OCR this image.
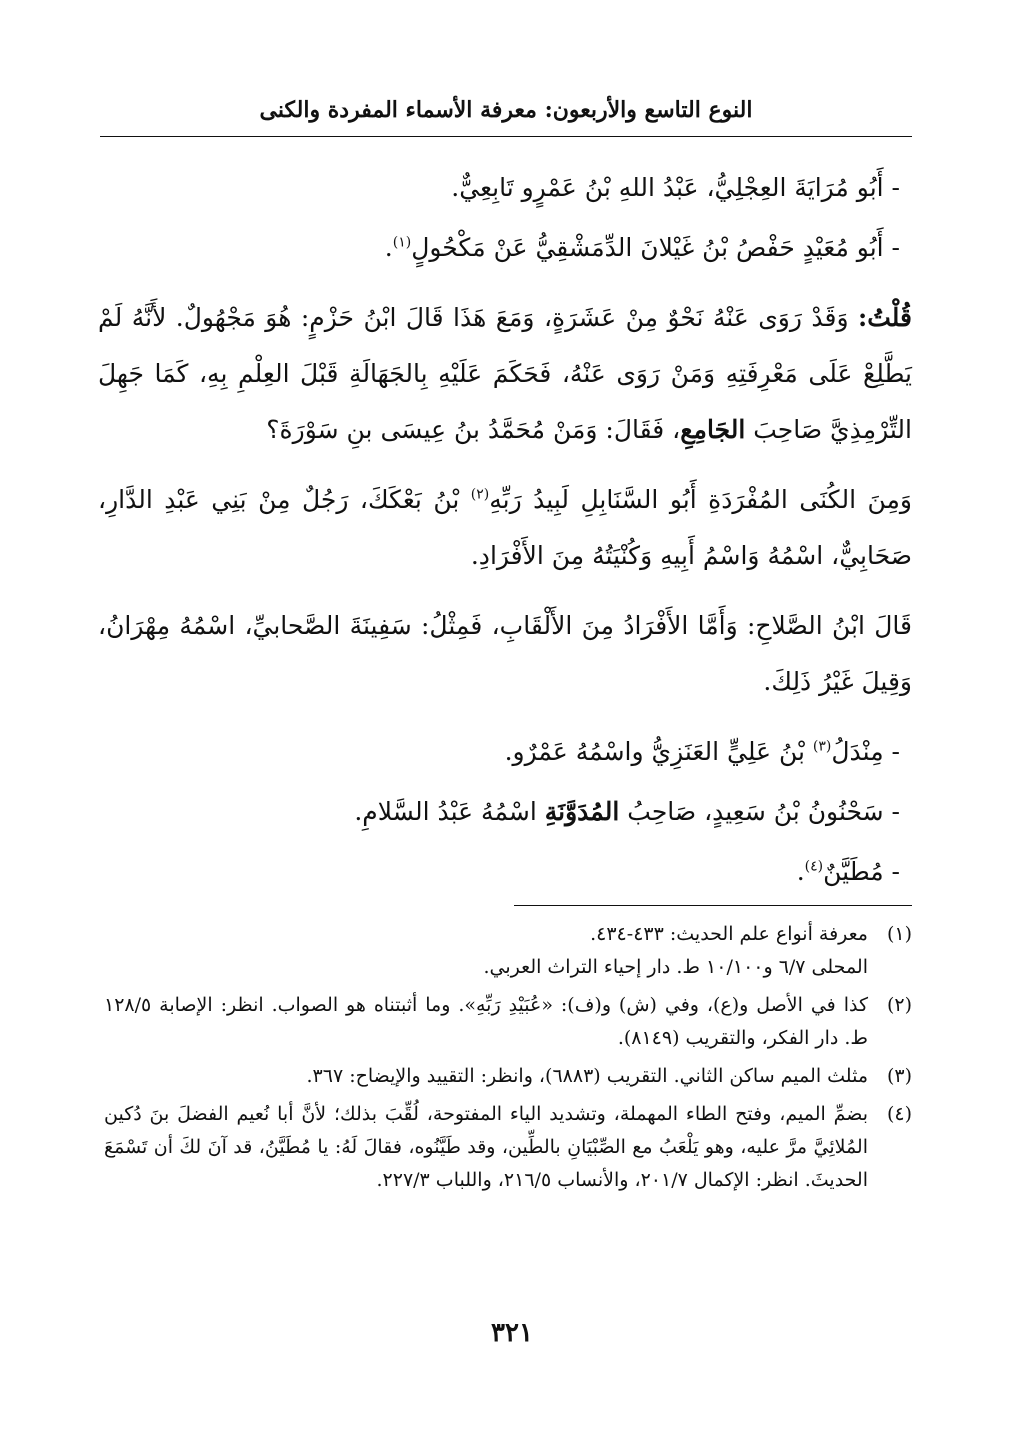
النوع التاسع والأربعون: معرفة الأسماء المفردة والكنى

- أَبُو مُرَايَةَ العِجْلِيُّ، عَبْدُ اللهِ بْنُ عَمْرٍو تَابِعِيٌّ.

- أَبُو مُعَيْدٍ حَفْصُ بْنُ غَيْلانَ الدِّمَشْقِيُّ عَنْ مَكْحُولٍ$^{(١)}$.

قُلْتُ: وَقَدْ رَوَى عَنْهُ نَحْوٌ مِنْ عَشَرَةٍ، وَمَعَ هَذَا قَالَ ابْنُ حَزْمٍ: هُوَ مَجْهُولٌ. لأَنَّهُ لَمْ يَطَّلِعْ عَلَى مَعْرِفَتِهِ وَمَنْ رَوَى عَنْهُ، فَحَكَمَ عَلَيْهِ بِالجَهَالَةِ قَبْلَ العِلْمِ بِهِ، كَمَا جَهِلَ التِّرْمِذِيَّ صَاحِبَ الجَامِعِ، فَقَالَ: وَمَنْ مُحَمَّدُ بنُ عِيسَى بنِ سَوْرَةَ؟

وَمِنَ الكُنَى المُفْرَدَةِ أَبُو السَّنَابِلِ لَبِيدُ رَبِّهِ$^{(٢)}$ بْنُ بَعْكَكَ، رَجُلٌ مِنْ بَنِي عَبْدِ الدَّارِ، صَحَابِيٌّ، اسْمُهُ وَاسْمُ أَبِيهِ وَكُنْيَتُهُ مِنَ الأَفْرَادِ.

قَالَ ابْنُ الصَّلاحِ: وَأَمَّا الأَفْرَادُ مِنَ الأَلْقَابِ، فَمِثْلُ: سَفِينَةَ الصَّحابيِّ، اسْمُهُ مِهْرَانُ، وَقِيلَ غَيْرُ ذَلِكَ.

- مِنْدَلُ$^{(٣)}$ بْنُ عَلِيٍّ العَنَزِيُّ واسْمُهُ عَمْرٌو.

- سَحْنُونُ بْنُ سَعِيدٍ، صَاحِبُ المُدَوَّنَةِ اسْمُهُ عَبْدُ السَّلامِ.

- مُطَيَّنٌ$^{(٤)}$.

(١)
معرفة أنواع علم الحديث: ٤٣٣-٤٣٤.
المحلى ٦/٧ و١٠/١٠٠ ط. دار إحياء التراث العربي.
(٢)
كذا في الأصل و(ع)، وفي (ش) و(ف): «عُبَيْدِ رَبِّهِ». وما أثبتناه هو الصواب. انظر: الإصابة ١٢٨/٥ ط. دار الفكر، والتقريب (٨١٤٩).
(٣)
مثلث الميم ساكن الثاني. التقريب (٦٨٨٣)، وانظر: التقييد والإيضاح: ٣٦٧.
(٤)
بضمِّ الميم، وفتح الطاء المهملة، وتشديد الياء المفتوحة، لُقِّبَ بذلك؛ لأنَّ أبا نُعيم الفضلَ بنَ دُكين المُلائِيَّ مرَّ عليه، وهو يَلْعَبُ مع الصِّبْيَانِ بالطِّين، وقد طَيَّنُوه، فقالَ لَهُ: يا مُطَيَّنُ، قد آنَ لكَ أن تَسْمَعَ الحديثَ. انظر: الإكمال ٢٠١/٧، والأنساب ٢١٦/٥، واللباب ٢٢٧/٣.
٣٢١
